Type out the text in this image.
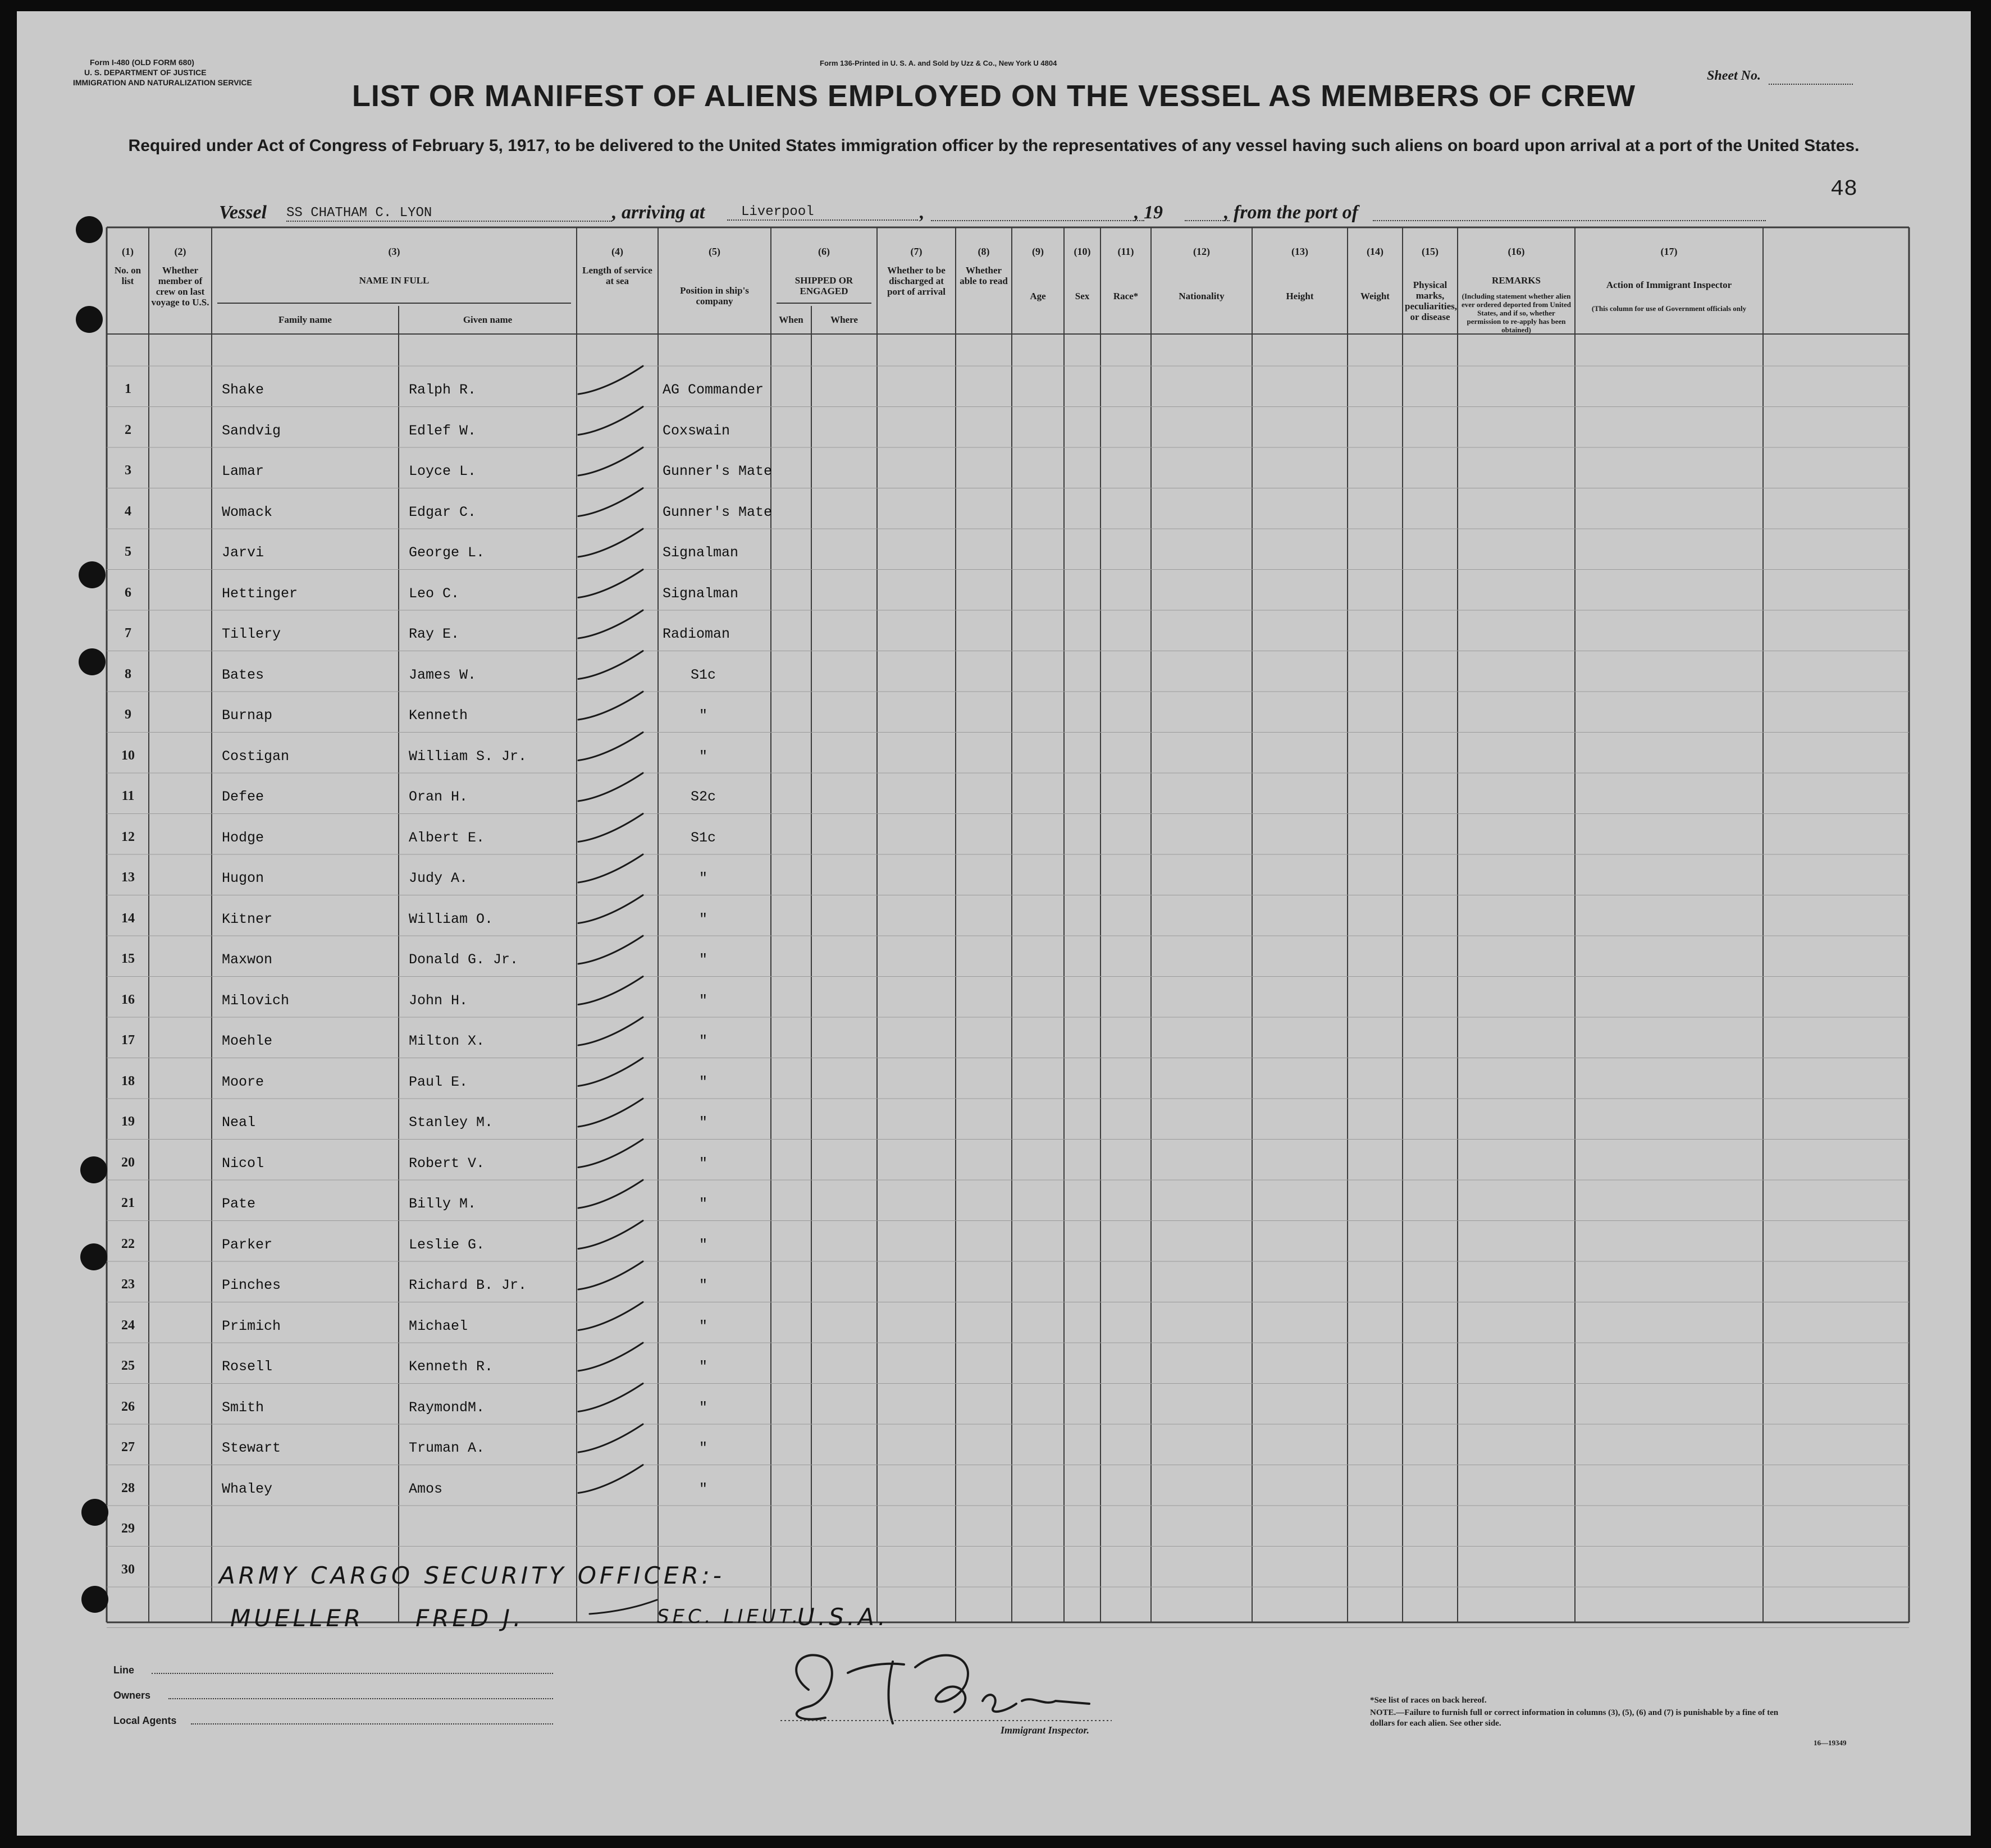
Form I-480 (OLD FORM 680)
U. S. DEPARTMENT OF JUSTICE
IMMIGRATION AND NATURALIZATION SERVICE
Form 136-Printed in U. S. A. and Sold by Uzz & Co., New York U 4804
Sheet No.
LIST OR MANIFEST OF ALIENS EMPLOYED ON THE VESSEL AS MEMBERS OF CREW
Required under Act of Congress of February 5, 1917, to be delivered to the United States immigration officer by the representatives of any vessel having such aliens on board upon arrival at a port of the United States.
48
Vessel SS CHATHAM C. LYON	, arriving at	Liverpool	,	, 19	, from the port of
(1)
No. on list
(2)
Whether member of crew on last voyage to U.S.
(3)
NAME IN FULL
(4)
Length of service at sea
(5)
Position in ship's company
(6)
SHIPPED OR ENGAGED
(7)
Whether to be discharged at port of arrival
(8)
Whether able to read
(9)
Age
(10)
Sex
(11)
Race*
(12)
Nationality
(13)
Height
(14)
Weight
(15)
Physical marks, peculiarities, or disease
(16)
REMARKS
(17)
Action of Immigrant Inspector
Family name	Given name	When	Where
(Including statement whether alien ever ordered deported from United States, and if so, whether permission to re-apply has been obtained)
(This column for use of Government officials only
1	Shake	Ralph R.	AG Commander
2	Sandvig	Edlef W.	Coxswain
3	Lamar	Loyce L.	Gunner's Mate
4	Womack	Edgar C.	Gunner's Mate
5	Jarvi	George L.	Signalman
6	Hettinger	Leo C.	Signalman
7	Tillery	Ray E.	Radioman
8	Bates	James W.	S1c
9	Burnap	Kenneth	"
10	Costigan	William S. Jr.	"
11	Defee	Oran H.	S2c
12	Hodge	Albert E.	S1c
13	Hugon	Judy A.	"
14	Kitner	William O.	"
15	Maxwon	Donald G. Jr.	"
16	Milovich	John H.	"
17	Moehle	Milton X.	"
18	Moore	Paul E.	"
19	Neal	Stanley M.	"
20	Nicol	Robert V.	"
21	Pate	Billy M.	"
22	Parker	Leslie G.	"
23	Pinches	Richard B. Jr.	"
24	Primich	Michael	"
25	Rosell	Kenneth R.	"
26	Smith	RaymondM.	"
27	Stewart	Truman A.	"
28	Whaley	Amos	"
29
30	ARMY CARGO SECURITY OFFICER:-
MUELLER FRED J.	SEC. LIEUT.
U.S.A.
Line
Owners
Local Agents
Immigrant Inspector.
*See list of races on back hereof.
NOTE.—Failure to furnish full or correct information in columns (3), (5), (6) and (7) is punishable by a fine of ten dollars for each alien. See other side.
16—19349
